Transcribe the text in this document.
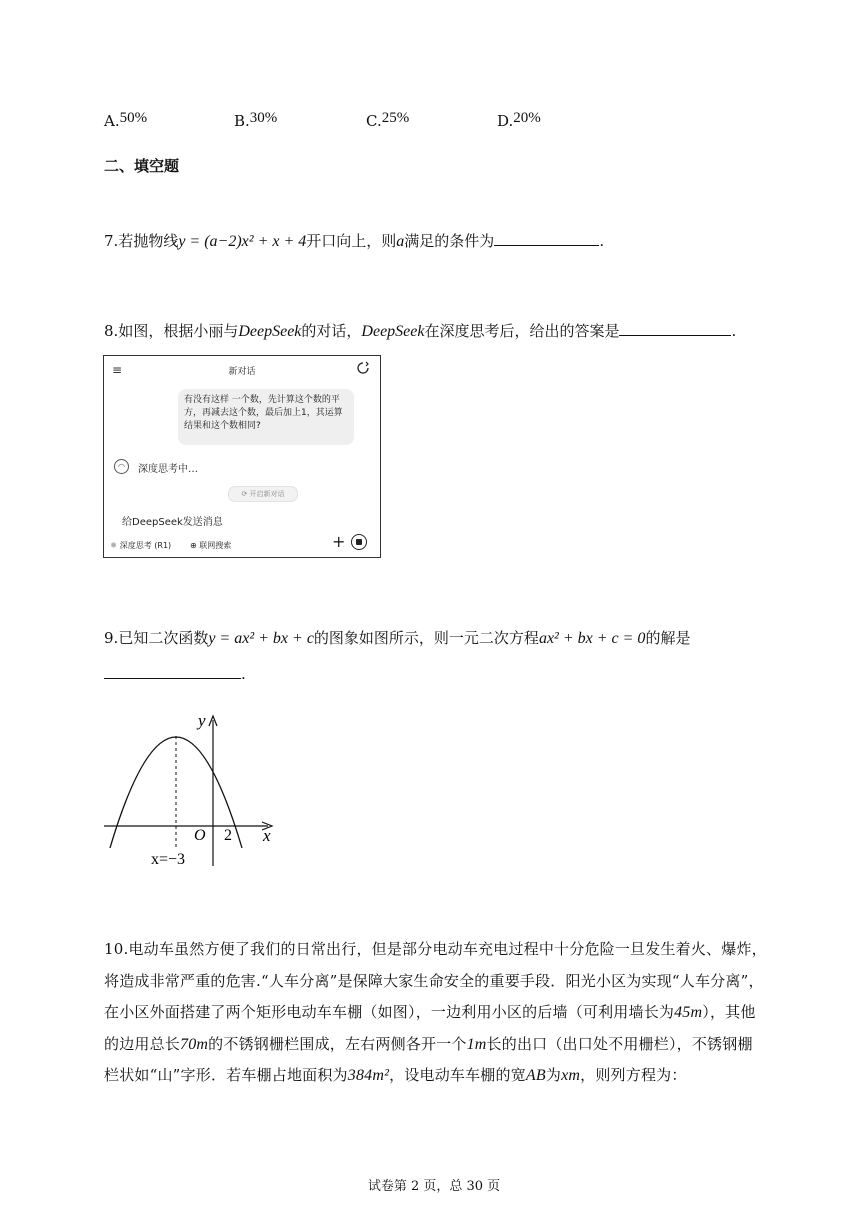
A.50%	B.30%	C.25%	D.20%
二、填空题
7.若抛物线y = (a−2)x² + x + 4开口向上，则a满足的条件为	.
8.如图，根据小丽与DeepSeek的对话，DeepSeek在深度思考后，给出的答案是	.
≡	新对话
有没有这样 一个数，先计算这个数的平方，再减去这个数，最后加上1，其运算结果和这个数相同?
◠	深度思考中…
⟳ 开启新对话
给DeepSeek发送消息
⚛ 深度思考 (R1) ⊕ 联网搜索	+
9.已知二次函数y = ax² + bx + c的图象如图所示，则一元二次方程ax² + bx + c = 0的解是
.
y
x
O 2
x=−3
10.电动车虽然方便了我们的日常出行，但是部分电动车充电过程中十分危险一旦发生着火、爆炸，
将造成非常严重的危害.“人车分离”是保障大家生命安全的重要手段．阳光小区为实现“人车分离”，
在小区外面搭建了两个矩形电动车车棚（如图），一边利用小区的后墙（可利用墙长为45m），其他
的边用总长70m的不锈钢栅栏围成，左右两侧各开一个1m长的出口（出口处不用栅栏），不锈钢棚
栏状如“山”字形．若车棚占地面积为384m²，设电动车车棚的宽AB为xm，则列方程为：
试卷第 2 页，总 30 页
